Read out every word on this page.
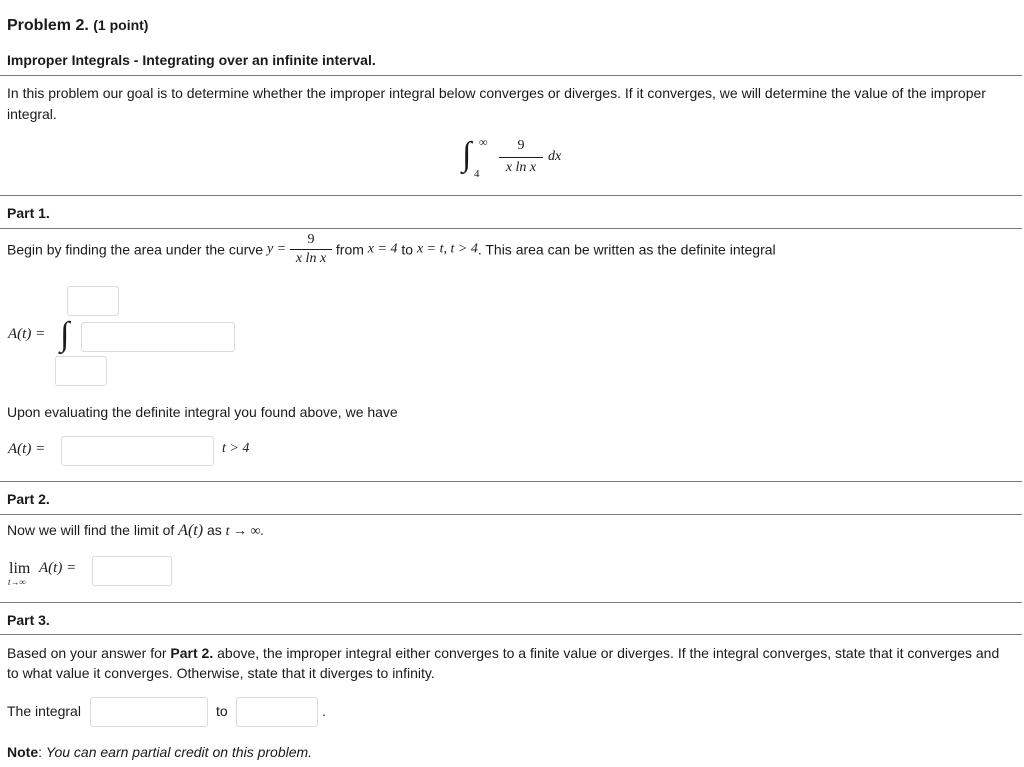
Problem 2. (1 point)
Improper Integrals - Integrating over an infinite interval.
In this problem our goal is to determine whether the improper integral below converges or diverges. If it converges, we will determine the value of the improper integral.
∫ ∞
4
9
x ln x
dx
Part 1.
Begin by finding the area under the curve $y = \frac{9}{\text{x ln x}}$ from x = 4 to x = t, t > 4. This area can be written as the definite integral
A(t) = ∫
Upon evaluating the definite integral you found above, we have
A(t) =	t > 4
Part 2.
Now we will find the limit of A(t) as t → ∞.
lim
t→∞
A(t) =
Part 3.
Based on your answer for Part 2. above, the improper integral either converges to a finite value or diverges. If the integral converges, state that it converges and to what value it converges. Otherwise, state that it diverges to infinity.
The integral	to	.
Note: You can earn partial credit on this problem.
